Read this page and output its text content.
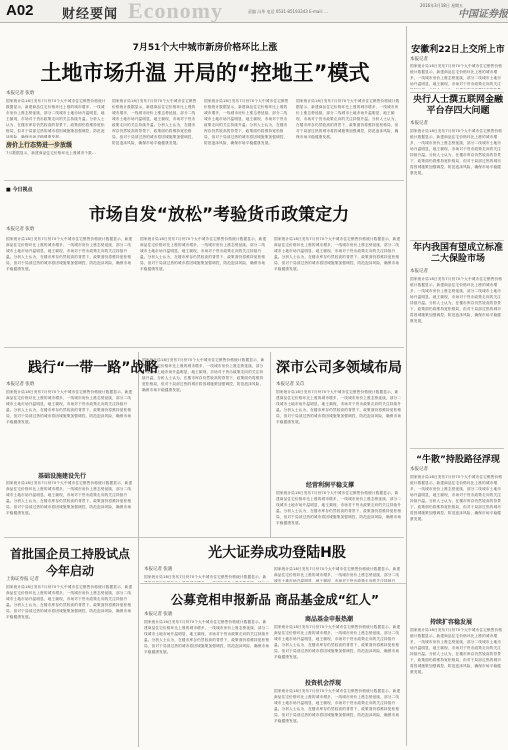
A02 财经要闻 Economy	责编 冯华 电话 0531-85193343 E-mail: ...
2016年3月18日 星期五
中国证券报
7月51个大中城市新房价格环比上涨
土地市场升温 开局的“控地王”模式
本报记者 张晗
国家统计局18日发布7月份70个大中城市住宅销售价格统计数据显示，新建商品住宅价格环比上涨的城市增多，一线城市房价上涨态势延续，部分二线城市土地市场升温明显，地王频现，市场对于货币政策走向的关注持续升温。分析人士认为，在楼市库存仍然较高的背景下，政策面仍将维持宽松格局，但对于局部过热的城市将因城施策加强调控，防范泡沫风险，确保市场平稳健康发展。
房价上行态势进一步放缓
7月数据显示，新建商品住宅价格环比上涨城市个数...
国家统计局18日发布7月份70个大中城市住宅销售价格统计数据显示，新建商品住宅价格环比上涨的城市增多，一线城市房价上涨态势延续，部分二线城市土地市场升温明显，地王频现，市场对于货币政策走向的关注持续升温。分析人士认为，在楼市库存仍然较高的背景下，政策面仍将维持宽松格局，但对于局部过热的城市将因城施策加强调控，防范泡沫风险，确保市场平稳健康发展。
国家统计局18日发布7月份70个大中城市住宅销售价格统计数据显示，新建商品住宅价格环比上涨的城市增多，一线城市房价上涨态势延续，部分二线城市土地市场升温明显，地王频现，市场对于货币政策走向的关注持续升温。分析人士认为，在楼市库存仍然较高的背景下，政策面仍将维持宽松格局，但对于局部过热的城市将因城施策加强调控，防范泡沫风险，确保市场平稳健康发展。
国家统计局18日发布7月份70个大中城市住宅销售价格统计数据显示，新建商品住宅价格环比上涨的城市增多，一线城市房价上涨态势延续，部分二线城市土地市场升温明显，地王频现，市场对于货币政策走向的关注持续升温。分析人士认为，在楼市库存仍然较高的背景下，政策面仍将维持宽松格局，但对于局部过热的城市将因城施策加强调控，防范泡沫风险，确保市场平稳健康发展。
■ 今日视点
本报记者 张晗
市场自发“放松”考验货币政策定力
国家统计局18日发布7月份70个大中城市住宅销售价格统计数据显示，新建商品住宅价格环比上涨的城市增多，一线城市房价上涨态势延续，部分二线城市土地市场升温明显，地王频现，市场对于货币政策走向的关注持续升温。分析人士认为，在楼市库存仍然较高的背景下，政策面仍将维持宽松格局，但对于局部过热的城市将因城施策加强调控，防范泡沫风险，确保市场平稳健康发展。
国家统计局18日发布7月份70个大中城市住宅销售价格统计数据显示，新建商品住宅价格环比上涨的城市增多，一线城市房价上涨态势延续，部分二线城市土地市场升温明显，地王频现，市场对于货币政策走向的关注持续升温。分析人士认为，在楼市库存仍然较高的背景下，政策面仍将维持宽松格局，但对于局部过热的城市将因城施策加强调控，防范泡沫风险，确保市场平稳健康发展。
国家统计局18日发布7月份70个大中城市住宅销售价格统计数据显示，新建商品住宅价格环比上涨的城市增多，一线城市房价上涨态势延续，部分二线城市土地市场升温明显，地王频现，市场对于货币政策走向的关注持续升温。分析人士认为，在楼市库存仍然较高的背景下，政策面仍将维持宽松格局，但对于局部过热的城市将因城施策加强调控，防范泡沫风险，确保市场平稳健康发展。
践行“一带一路”战略
本报记者 张晗
国家统计局18日发布7月份70个大中城市住宅销售价格统计数据显示，新建商品住宅价格环比上涨的城市增多，一线城市房价上涨态势延续，部分二线城市土地市场升温明显，地王频现，市场对于货币政策走向的关注持续升温。分析人士认为，在楼市库存仍然较高的背景下，政策面仍将维持宽松格局，但对于局部过热的城市将因城施策加强调控，防范泡沫风险，确保市场平稳健康发展。
基础设施建设先行
国家统计局18日发布7月份70个大中城市住宅销售价格统计数据显示，新建商品住宅价格环比上涨的城市增多，一线城市房价上涨态势延续，部分二线城市土地市场升温明显，地王频现，市场对于货币政策走向的关注持续升温。分析人士认为，在楼市库存仍然较高的背景下，政策面仍将维持宽松格局，但对于局部过热的城市将因城施策加强调控，防范泡沫风险，确保市场平稳健康发展。
国家统计局18日发布7月份70个大中城市住宅销售价格统计数据显示，新建商品住宅价格环比上涨的城市增多，一线城市房价上涨态势延续，部分二线城市土地市场升温明显，地王频现，市场对于货币政策走向的关注持续升温。分析人士认为，在楼市库存仍然较高的背景下，政策面仍将维持宽松格局，但对于局部过热的城市将因城施策加强调控，防范泡沫风险，确保市场平稳健康发展。
深市公司多领域布局
本报记者 吴苡
国家统计局18日发布7月份70个大中城市住宅销售价格统计数据显示，新建商品住宅价格环比上涨的城市增多，一线城市房价上涨态势延续，部分二线城市土地市场升温明显，地王频现，市场对于货币政策走向的关注持续升温。分析人士认为，在楼市库存仍然较高的背景下，政策面仍将维持宽松格局，但对于局部过热的城市将因城施策加强调控，防范泡沫风险，确保市场平稳健康发展。
经营利润平稳支撑
国家统计局18日发布7月份70个大中城市住宅销售价格统计数据显示，新建商品住宅价格环比上涨的城市增多，一线城市房价上涨态势延续，部分二线城市土地市场升温明显，地王频现，市场对于货币政策走向的关注持续升温。分析人士认为，在楼市库存仍然较高的背景下，政策面仍将维持宽松格局，但对于局部过热的城市将因城施策加强调控，防范泡沫风险，确保市场平稳健康发展。
首批国企员工持股试点今年启动
上海证券报 记者
国家统计局18日发布7月份70个大中城市住宅销售价格统计数据显示，新建商品住宅价格环比上涨的城市增多，一线城市房价上涨态势延续，部分二线城市土地市场升温明显，地王频现，市场对于货币政策走向的关注持续升温。分析人士认为，在楼市库存仍然较高的背景下，政策面仍将维持宽松格局，但对于局部过热的城市将因城施策加强调控，防范泡沫风险，确保市场平稳健康发展。
光大证券成功登陆H股
本报记者 张骏
国家统计局18日发布7月份70个大中城市住宅销售价格统计数据显示，新
国家统计局18日发布7月份70个大中城市住宅销售价格统计数据显示，新建商品住宅价格环比上涨的城市增多，一线城市房价上涨态势延续，部分二线城市土地市场升温明显，地王频现，市场对于货币政策走向的关注持续升
公募竞相申报新品 商品基金成“红人”
本报记者 张骏
国家统计局18日发布7月份70个大中城市住宅销售价格统计数据显示，新建商品住宅价格环比上涨的城市增多，一线城市房价上涨态势延续，部分二线城市土地市场升温明显，地王频现，市场对于货币政策走向的关注持续升温。分析人士认为，在楼市库存仍然较高的背景下，政策面仍将维持宽松格局，但对于局部过热的城市将因城施策加强调控，防范泡沫风险，确保市场平稳健康发展。
商品基金申报热潮
国家统计局18日发布7月份70个大中城市住宅销售价格统计数据显示，新建商品住宅价格环比上涨的城市增多，一线城市房价上涨态势延续，部分二线城市土地市场升温明显，地王频现，市场对于货币政策走向的关注持续升温。分析人士认为，在楼市库存仍然较高的背景下，政策面仍将维持宽松格局，但对于局部过热的城市将因城施策加强调控，防范泡沫风险，确保市场平稳健康发展。
投资机会浮现
国家统计局18日发布7月份70个大中城市住宅销售价格统计数据显示，新建商品住宅价格环比上涨的城市增多，一线城市房价上涨态势延续，部分二线城市土地市场升温明显，地王频现，市场对于货币政策走向的关注持续升温。分析人士认为，在楼市库存仍然较高的背景下，政策面仍将维持宽松格局，但对于局部过热的城市将因城施策加强调控，防范泡沫风险，确保市场平稳健康发展。
安徽利22日上交所上市
本报记者
国家统计局18日发布7月份70个大中城市住宅销售价格统计数据显示，新建商品住宅价格环比上涨的城市增多，一线城市房价上涨态势延续，部分二线城市土地市场升温明显，地王频现，市场对于货币政策走向的关注
央行人士撰五联网金融平台存四大问题
本报记者
国家统计局18日发布7月份70个大中城市住宅销售价格统计数据显示，新建商品住宅价格环比上涨的城市增多，一线城市房价上涨态势延续，部分二线城市土地市场升温明显，地王频现，市场对于货币政策走向的关注持续升温。分析人士认为，在楼市库存仍然较高的背景下，政策面仍将维持宽松格局，但对于局部过热的城市将因城施策加强调控，防范泡沫风险，确保市场平稳健康发展。
年内我国有望成立标准二大保险市场
本报记者
国家统计局18日发布7月份70个大中城市住宅销售价格统计数据显示，新建商品住宅价格环比上涨的城市增多，一线城市房价上涨态势延续，部分二线城市土地市场升温明显，地王频现，市场对于货币政策走向的关注持续升温。分析人士认为，在楼市库存仍然较高的背景下，政策面仍将维持宽松格局，但对于局部过热的城市将因城施策加强调控，防范泡沫风险，确保市场平稳健康发展。
“牛散”持股路径浮现
本报记者
国家统计局18日发布7月份70个大中城市住宅销售价格统计数据显示，新建商品住宅价格环比上涨的城市增多，一线城市房价上涨态势延续，部分二线城市土地市场升温明显，地王频现，市场对于货币政策走向的关注持续升温。分析人士认为，在楼市库存仍然较高的背景下，政策面仍将维持宽松格局，但对于局部过热的城市将因城施策加强调控，防范泡沫风险，确保市场平稳健康发展。
持续扩容稳发展
国家统计局18日发布7月份70个大中城市住宅销售价格统计数据显示，新建商品住宅价格环比上涨的城市增多，一线城市房价上涨态势延续，部分二线城市土地市场升温明显，地王频现，市场对于货币政策走向的关注持续升温。分析人士认为，在楼市库存仍然较高的背景下，政策面仍将维持宽松格局，但对于局部过热的城市将因城施策加强调控，防范泡沫风险，确保市场平稳健康发展。
